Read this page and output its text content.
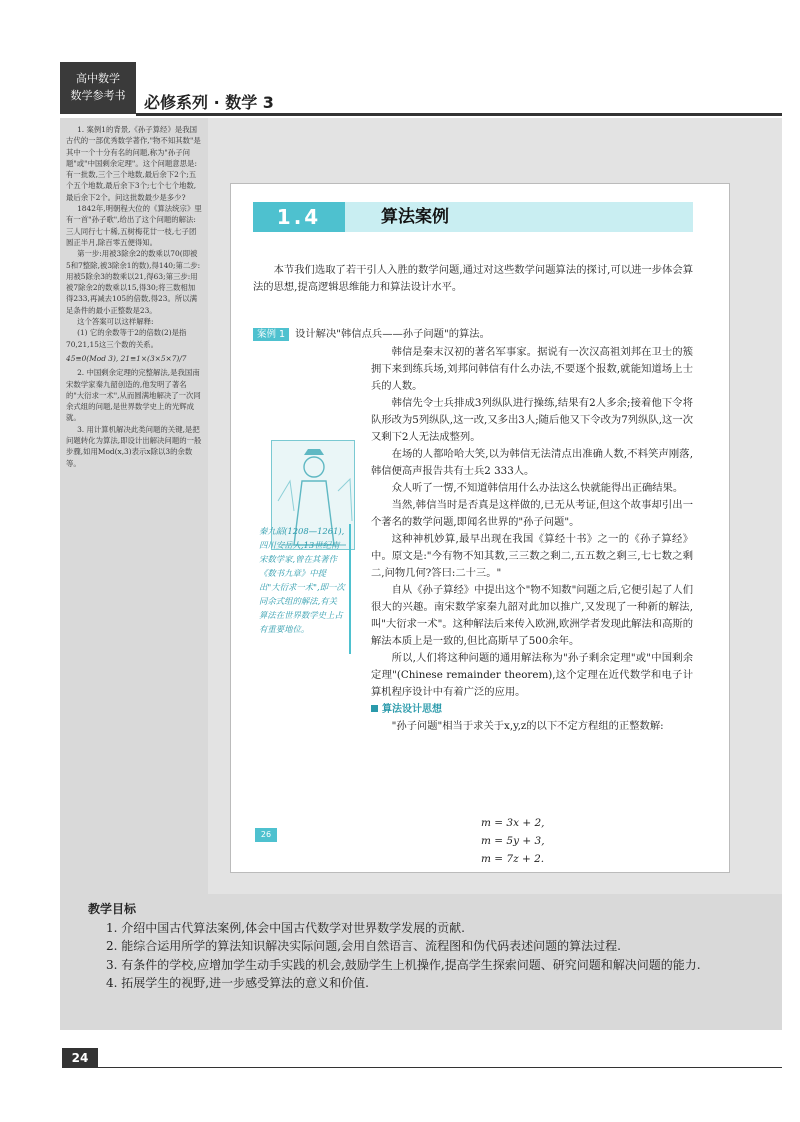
高中数学
数学参考书	必修系列 · 数学 3

1. 案例1的背景,《孙子算经》是我国古代的一部优秀数学著作,"物不知其数"是其中一个十分有名的问题,称为"孙子问题"或"中国剩余定理"。这个问题意思是:有一批数,三个三个地数,最后余下2个;五个五个地数,最后余下3个;七个七个地数,最后余下2个。问这批数最少是多少?

1842年,明朝程大位的《算法统宗》里有一首"孙子歌",给出了这个问题的解法:三人同行七十稀,五树梅花廿一枝,七子团圆正半月,除百零五便得知。

第一步:用被3除余2的数乘以70(即被5和7整除,被3除余1的数),得140;第二步:用被5除余3的数乘以21,得63;第三步:用被7除余2的数乘以15,得30;将三数相加得233,再减去105的倍数,得23。所以满足条件的最小正整数是23。

这个答案可以这样解释:

(1) 它的余数等于2的倍数(2)是指70,21,15这三个数的关系。

45≡0(Mod 3), 21≡1×(3×5×7)/7

2. 中国剩余定理的完整解法,是我国南宋数学家秦九韶创造的,他发明了著名的"大衍求一术",从而圆满地解决了一次同余式组的问题,是世界数学史上的光辉成就。

3. 用计算机解决此类问题的关键,是把问题转化为算法,即设计出解决问题的一般步骤,如用Mod(x,3)表示x除以3的余数等。

1.4	算法案例

本节我们选取了若干引人入胜的数学问题,通过对这些数学问题算法的探讨,可以进一步体会算法的思想,提高逻辑思维能力和算法设计水平。

案例 1 设计解决"韩信点兵——孙子问题"的算法。
秦九韶(1208—1261),四川安岳人,13世纪南宋数学家,曾在其著作《数书九章》中提出"大衍求一术",即一次同余式组的解法,有关算法在世界数学史上占有重要地位。

韩信是秦末汉初的著名军事家。据说有一次汉高祖刘邦在卫士的簇拥下来到练兵场,刘邦问韩信有什么办法,不要逐个报数,就能知道场上士兵的人数。

韩信先令士兵排成3列纵队进行操练,结果有2人多余;接着他下令将队形改为5列纵队,这一改,又多出3人;随后他又下令改为7列纵队,这一次又剩下2人无法成整列。

在场的人都哈哈大笑,以为韩信无法清点出准确人数,不料笑声刚落,韩信便高声报告共有士兵2 333人。

众人听了一愣,不知道韩信用什么办法这么快就能得出正确结果。

当然,韩信当时是否真是这样做的,已无从考证,但这个故事却引出一个著名的数学问题,即闻名世界的"孙子问题"。

这种神机妙算,最早出现在我国《算经十书》之一的《孙子算经》中。原文是:"今有物不知其数,三三数之剩二,五五数之剩三,七七数之剩二,问物几何?答曰:二十三。"

自从《孙子算经》中提出这个"物不知数"问题之后,它便引起了人们很大的兴趣。南宋数学家秦九韶对此加以推广,又发现了一种新的解法,叫"大衍求一术"。这种解法后来传入欧洲,欧洲学者发现此解法和高斯的解法本质上是一致的,但比高斯早了500余年。

所以,人们将这种问题的通用解法称为"孙子剩余定理"或"中国剩余定理"(Chinese remainder theorem),这个定理在近代数学和电子计算机程序设计中有着广泛的应用。

算法设计思想

"孙子问题"相当于求关于x,y,z的以下不定方程组的正整数解:

m = 3x + 2,
m = 5y + 3,
m = 7z + 2.
26
教学目标

1. 介绍中国古代算法案例,体会中国古代数学对世界数学发展的贡献.

2. 能综合运用所学的算法知识解决实际问题,会用自然语言、流程图和伪代码表述问题的算法过程.

3. 有条件的学校,应增加学生动手实践的机会,鼓励学生上机操作,提高学生探索问题、研究问题和解决问题的能力.

4. 拓展学生的视野,进一步感受算法的意义和价值.

24
